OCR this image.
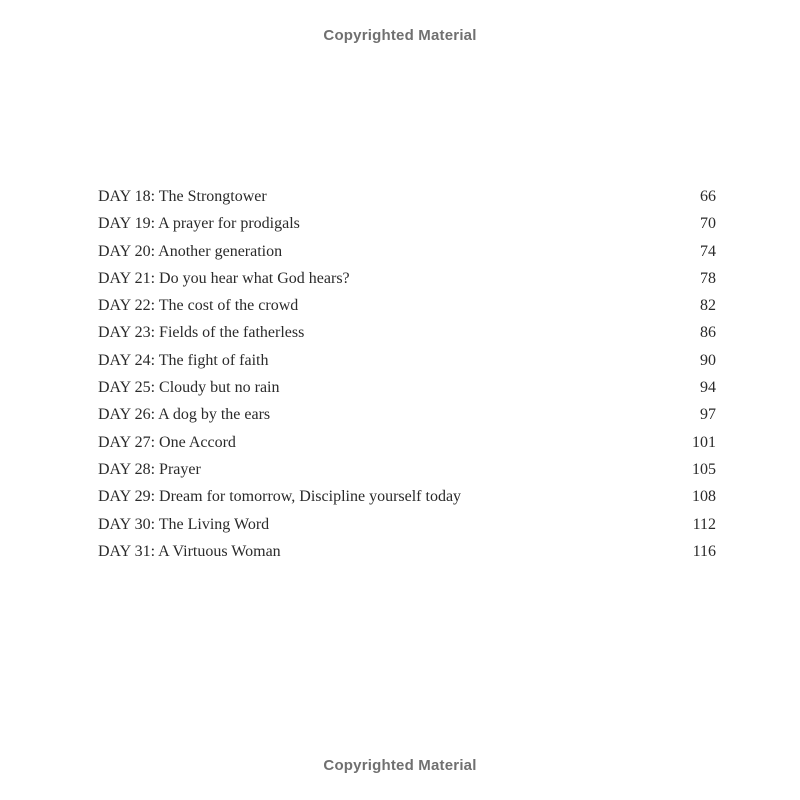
Copyrighted Material
DAY 18: The Strongtower	66
DAY 19: A prayer for prodigals	70
DAY 20: Another generation	74
DAY 21: Do you hear what God hears?	78
DAY 22: The cost of the crowd	82
DAY 23: Fields of the fatherless	86
DAY 24: The fight of faith	90
DAY 25: Cloudy but no rain	94
DAY 26: A dog by the ears	97
DAY 27: One Accord	101
DAY 28: Prayer	105
DAY 29: Dream for tomorrow, Discipline yourself today	108
DAY 30: The Living Word	112
DAY 31: A Virtuous Woman	116
Copyrighted Material
